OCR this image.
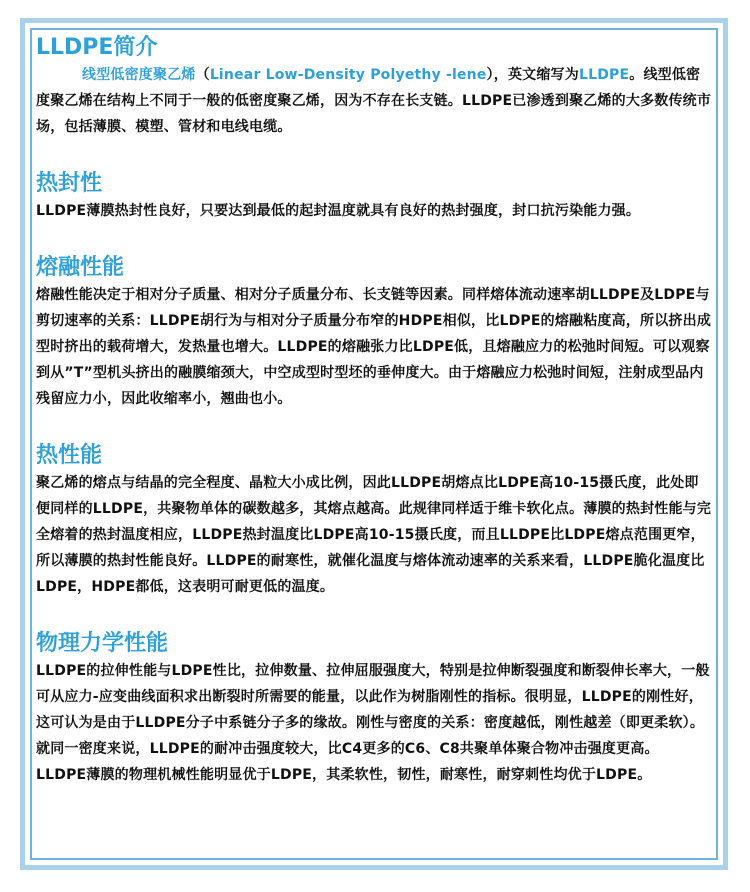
LLDPE简介

线型低密度聚乙烯（Linear Low-Density Polyethy -lene），英文缩写为LLDPE。线型低密度聚乙烯在结构上不同于一般的低密度聚乙烯，因为不存在长支链。LLDPE已渗透到聚乙烯的大多数传统市场，包括薄膜、模塑、管材和电线电缆。

热封性

LLDPE薄膜热封性良好，只要达到最低的起封温度就具有良好的热封强度，封口抗污染能力强。

熔融性能

熔融性能决定于相对分子质量、相对分子质量分布、长支链等因素。同样熔体流动速率胡LLDPE及LDPE与剪切速率的关系：LLDPE胡行为与相对分子质量分布窄的HDPE相似，比LDPE的熔融粘度高，所以挤出成型时挤出的载荷增大，发热量也增大。LLDPE的熔融张力比LDPE低，且熔融应力的松弛时间短。可以观察到从”T”型机头挤出的融膜缩颈大，中空成型时型坯的垂伸度大。由于熔融应力松弛时间短，注射成型品内残留应力小，因此收缩率小，翘曲也小。

热性能

聚乙烯的熔点与结晶的完全程度、晶粒大小成比例，因此LLDPE胡熔点比LDPE高10-15摄氏度，此处即便同样的LLDPE，共聚物单体的碳数越多，其熔点越高。此规律同样适于维卡软化点。薄膜的热封性能与完全熔着的热封温度相应，LLDPE热封温度比LDPE高10-15摄氏度，而且LLDPE比LDPE熔点范围更窄，所以薄膜的热封性能良好。LLDPE的耐寒性，就催化温度与熔体流动速率的关系来看，LLDPE脆化温度比LDPE，HDPE都低，这表明可耐更低的温度。

物理力学性能

LLDPE的拉伸性能与LDPE性比，拉伸数量、拉伸屈服强度大，特别是拉伸断裂强度和断裂伸长率大，一般可从应力-应变曲线面积求出断裂时所需要的能量，以此作为树脂刚性的指标。很明显，LLDPE的刚性好，这可认为是由于LLDPE分子中系链分子多的缘故。刚性与密度的关系：密度越低，刚性越差（即更柔软）。就同一密度来说，LLDPE的耐冲击强度较大，比C4更多的C6、C8共聚单体聚合物冲击强度更高。

LLDPE薄膜的物理机械性能明显优于LDPE，其柔软性，韧性，耐寒性，耐穿刺性均优于LDPE。
